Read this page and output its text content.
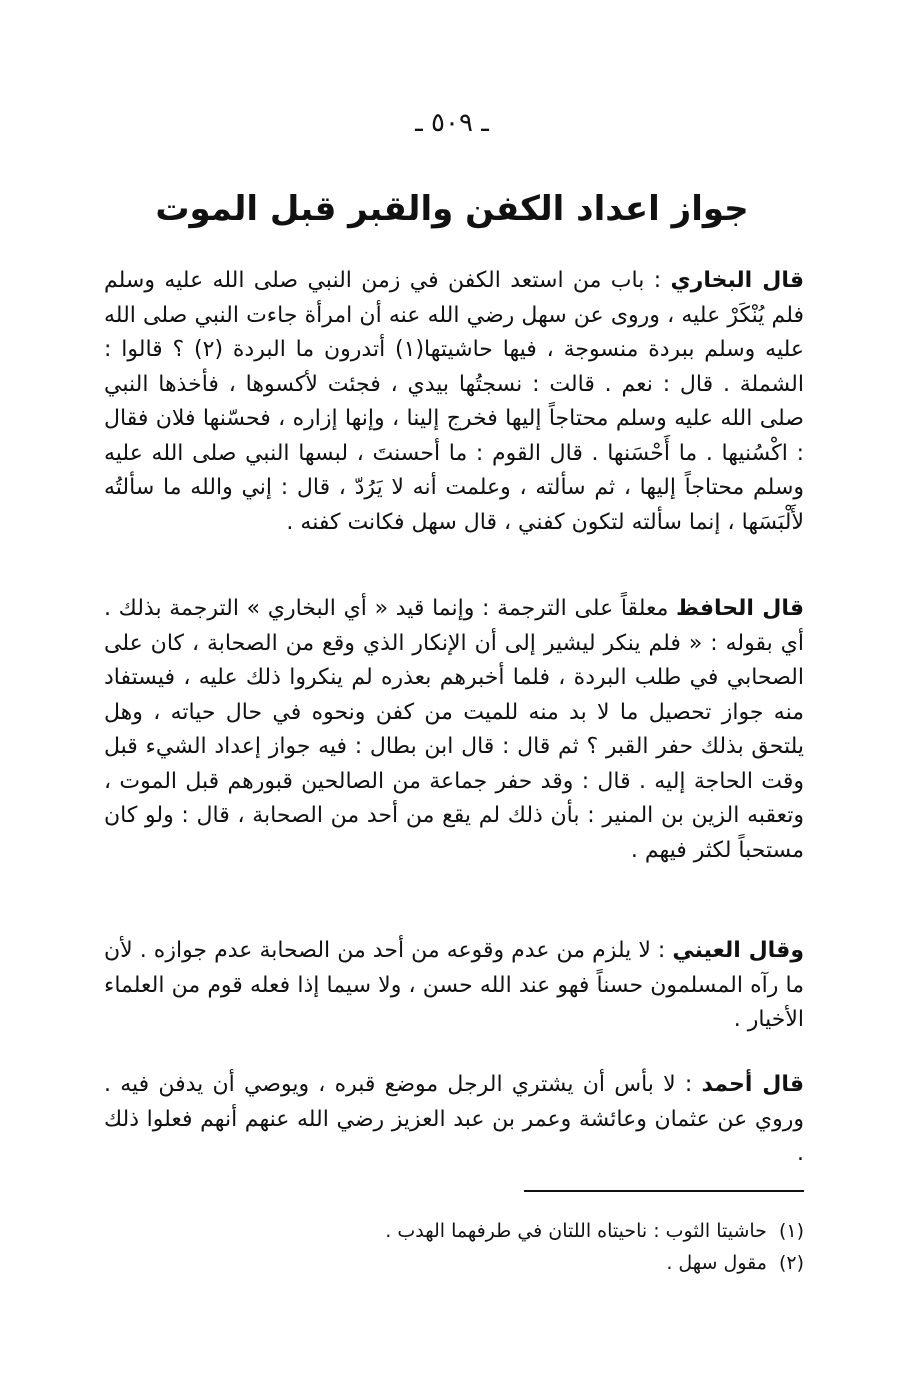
ـ ٥٠٩ ـ
جواز اعداد الكفن والقبر قبل الموت

قال البخاري : باب من استعد الكفن في زمن النبي صلى الله عليه وسلم فلم يُنْكَرْ عليه ، وروى عن سهل رضي الله عنه أن امرأة جاءت النبي صلى الله عليه وسلم ببردة منسوجة ، فيها حاشيتها(١) أتدرون ما البردة (٢) ؟ قالوا : الشملة . قال : نعم . قالت : نسجتُها بيدي ، فجئت لأكسوها ، فأخذها النبي صلى الله عليه وسلم محتاجاً إليها فخرج إلينا ، وإنها إزاره ، فحسّنها فلان فقال : اكْسُنيها . ما أَحْسَنها . قال القوم : ما أحسنتَ ، لبسها النبي صلى الله عليه وسلم محتاجاً إليها ، ثم سألته ، وعلمت أنه لا يَرُدّ ، قال : إني والله ما سألتُه لأَلْبَسَها ، إنما سألته لتكون كفني ، قال سهل فكانت كفنه .

قال الحافظ معلقاً على الترجمة : وإنما قيد « أي البخاري » الترجمة بذلك . أي بقوله : « فلم ينكر ليشير إلى أن الإنكار الذي وقع من الصحابة ، كان على الصحابي في طلب البردة ، فلما أخبرهم بعذره لم ينكروا ذلك عليه ، فيستفاد منه جواز تحصيل ما لا بد منه للميت من كفن ونحوه في حال حياته ، وهل يلتحق بذلك حفر القبر ؟ ثم قال : قال ابن بطال : فيه جواز إعداد الشيء قبل وقت الحاجة إليه . قال : وقد حفر جماعة من الصالحين قبورهم قبل الموت ، وتعقبه الزين بن المنير : بأن ذلك لم يقع من أحد من الصحابة ، قال : ولو كان مستحباً لكثر فيهم .

وقال العيني : لا يلزم من عدم وقوعه من أحد من الصحابة عدم جوازه . لأن ما رآه المسلمون حسناً فهو عند الله حسن ، ولا سيما إذا فعله قوم من العلماء الأخيار .

قال أحمد : لا بأس أن يشتري الرجل موضع قبره ، ويوصي أن يدفن فيه . وروي عن عثمان وعائشة وعمر بن عبد العزيز رضي الله عنهم أنهم فعلوا ذلك .

(١)حاشيتا الثوب : ناحيتاه اللتان في طرفهما الهدب .
(٢)مقول سهل .
